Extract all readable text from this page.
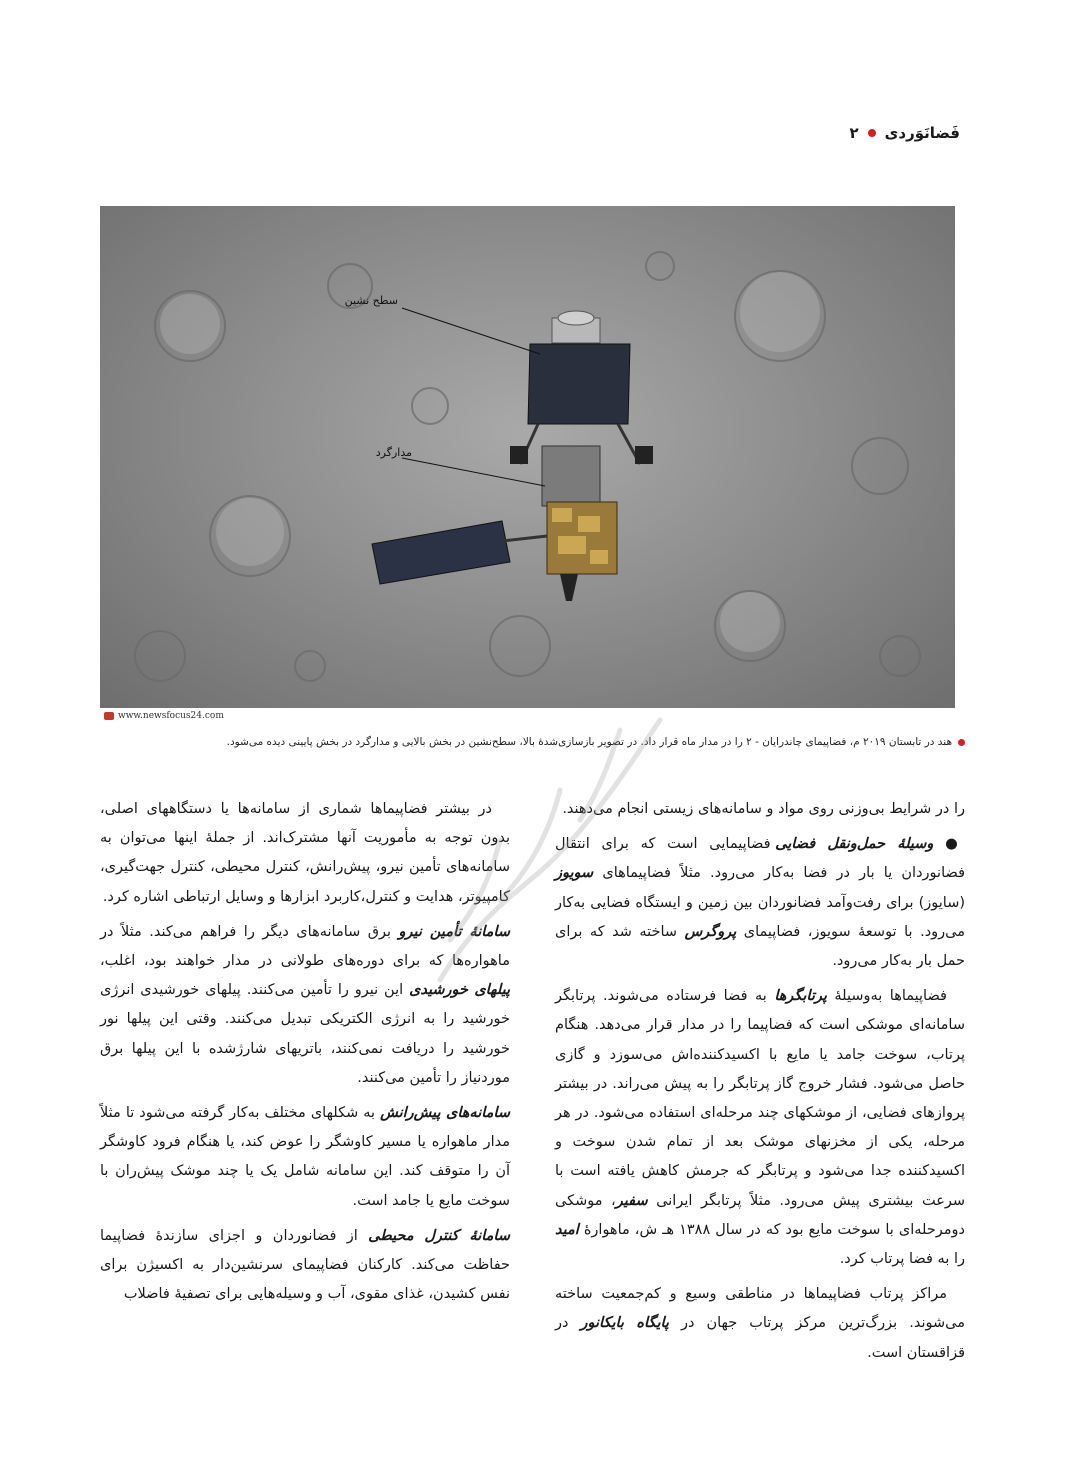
۲ فَضانَوَردی
سطح نشین
مدارگرد
www.newsfocus24.com
هند در تابستان ۲۰۱۹ م، فضاپیمای چاندرایان - ۲ را در مدار ماه قرار داد. در تصویر بازسازی‌شدهٔ بالا، سطح‌نشین در بخش بالایی و مدارگرد در بخش پایینی دیده می‌شود.

را در شرایط بی‌وزنی روی مواد و سامانه‌های زیستی انجام می‌دهند.

● وسیلهٔ حمل‌ونقل فضایی فضاپیمایی است که برای انتقال فضانوردان یا بار در فضا به‌کار می‌رود. مثلاً فضاپیماهای سویوز (سایوز) برای رفت‌وآمد فضانوردان بین زمین و ایستگاه فضایی به‌کار می‌رود. با توسعهٔ سویوز، فضاپیمای پروگرس ساخته شد که برای حمل بار به‌کار می‌رود.

فضاپیماها به‌وسیلهٔ پرتابگرها به فضا فرستاده می‌شوند. پرتابگر سامانه‌ای موشکی است که فضاپیما را در مدار قرار می‌دهد. هنگام پرتاب، سوخت جامد یا مایع با اکسیدکننده‌اش می‌سوزد و گازی حاصل می‌شود. فشار خروج گاز پرتابگر را به پیش می‌راند. در بیشتر پروازهای فضایی، از موشکهای چند مرحله‌ای استفاده می‌شود. در هر مرحله، یکی از مخزنهای موشک بعد از تمام شدن سوخت و اکسیدکننده جدا می‌شود و پرتابگر که جرمش کاهش یافته است با سرعت بیشتری پیش می‌رود. مثلاً پرتابگر ایرانی سفیر، موشکی دومرحله‌ای با سوخت مایع بود که در سال ۱۳۸۸ هـ ش، ماهوارهٔ امید را به فضا پرتاب کرد.

مراکز پرتاب فضاپیماها در مناطقی وسیع و کم‌جمعیت ساخته می‌شوند. بزرگ‌ترین مرکز پرتاب جهان در پایگاه بایکانور در قزاقستان است.

در بیشتر فضاپیماها شماری از سامانه‌ها یا دستگاههای اصلی، بدون توجه به مأموریت آنها مشترک‌اند. از جملهٔ اینها می‌توان به سامانه‌های تأمین نیرو، پیش‌رانش، کنترل محیطی، کنترل جهت‌گیری، کامپیوتر، هدایت و کنترل،کاربرد ابزارها و وسایل ارتباطی اشاره کرد.

سامانهٔ تأمین نیرو برق سامانه‌های دیگر را فراهم می‌کند. مثلاً در ماهواره‌ها که برای دوره‌های طولانی در مدار خواهند بود، اغلب، پیلهای خورشیدی این نیرو را تأمین می‌کنند. پیلهای خورشیدی انرژی خورشید را به انرژی الکتریکی تبدیل می‌کنند. وقتی این پیلها نور خورشید را دریافت نمی‌کنند، باتریهای شارژشده با این پیلها برق موردنیاز را تأمین می‌کنند.

سامانه‌های پیش‌رانش به شکلهای مختلف به‌کار گرفته می‌شود تا مثلاً مدار ماهواره یا مسیر کاوشگر را عوض کند، یا هنگام فرود کاوشگر آن را متوقف کند. این سامانه شامل یک یا چند موشک پیش‌ران با سوخت مایع یا جامد است.

سامانهٔ کنترل محیطی از فضانوردان و اجزای سازندهٔ فضاپیما حفاظت می‌کند. کارکنان فضاپیمای سرنشین‌دار به اکسیژن برای نفس کشیدن، غذای مقوی، آب و وسیله‌هایی برای تصفیهٔ فاضلاب
